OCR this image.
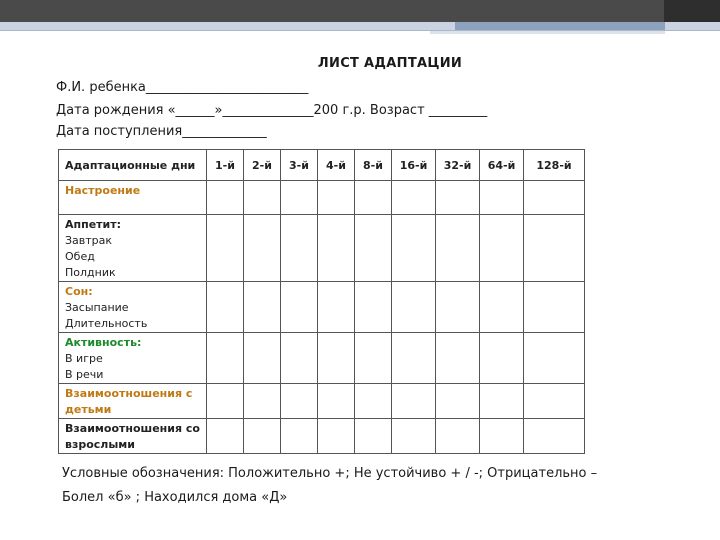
ЛИСТ АДАПТАЦИИ
Ф.И. ребенка_________________________
Дата рождения «______»______________200 г.р. Возраст _________
Дата поступления_____________
Адаптационные дни	1-й	2-й	3-й	4-й	8-й	16-й	32-й	64-й	128-й

Настроение									

Аппетит:
Завтрак
Обед
Полдник									

Сон:
Засыпание
Длительность									

Активность:
В игре
В речи									

Взаимоотношения с детьми									

Взаимоотношения со взрослыми									

Условные обозначения: Положительно +; Не устойчиво + / -; Отрицательно –
Болел «б» ; Находился дома «Д»
